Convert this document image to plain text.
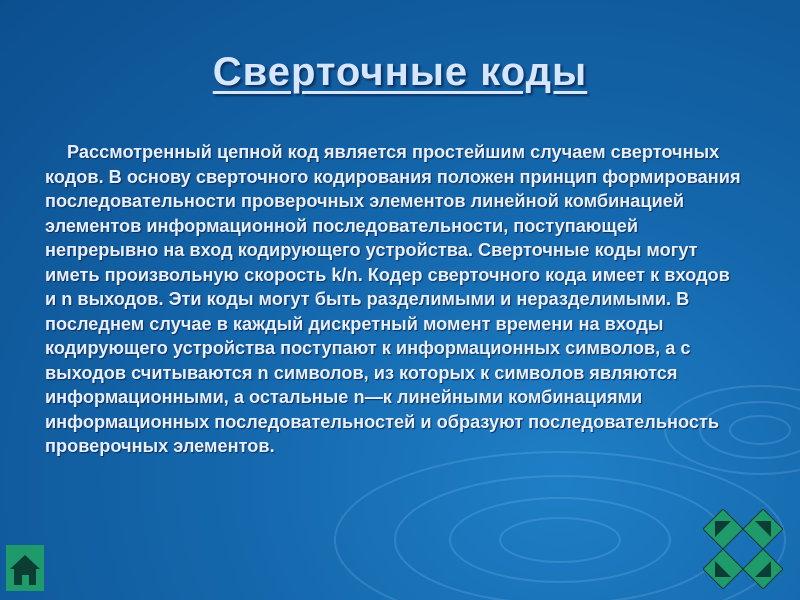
Сверточные коды

Рассмотренный цепной код является простейшим случаем сверточных кодов. В основу сверточного кодирования положен принцип формирования последовательности проверочных элементов линейной комбинацией элементов информационной последовательности, поступающей непрерывно на вход кодирующего устройства. Сверточные коды могут иметь произвольную скорость k/n. Кодер сверточного кода имеет к входов и n выходов. Эти коды могут быть разделимыми и неразделимыми. В последнем случае в каждый дискретный момент времени на входы кодирующего устройства поступают к информационных символов, а с выходов считываются n символов, из которых к символов являются информационными, а остальные n—к линейными комбинациями информационных последовательностей и образуют последовательность проверочных элементов.
